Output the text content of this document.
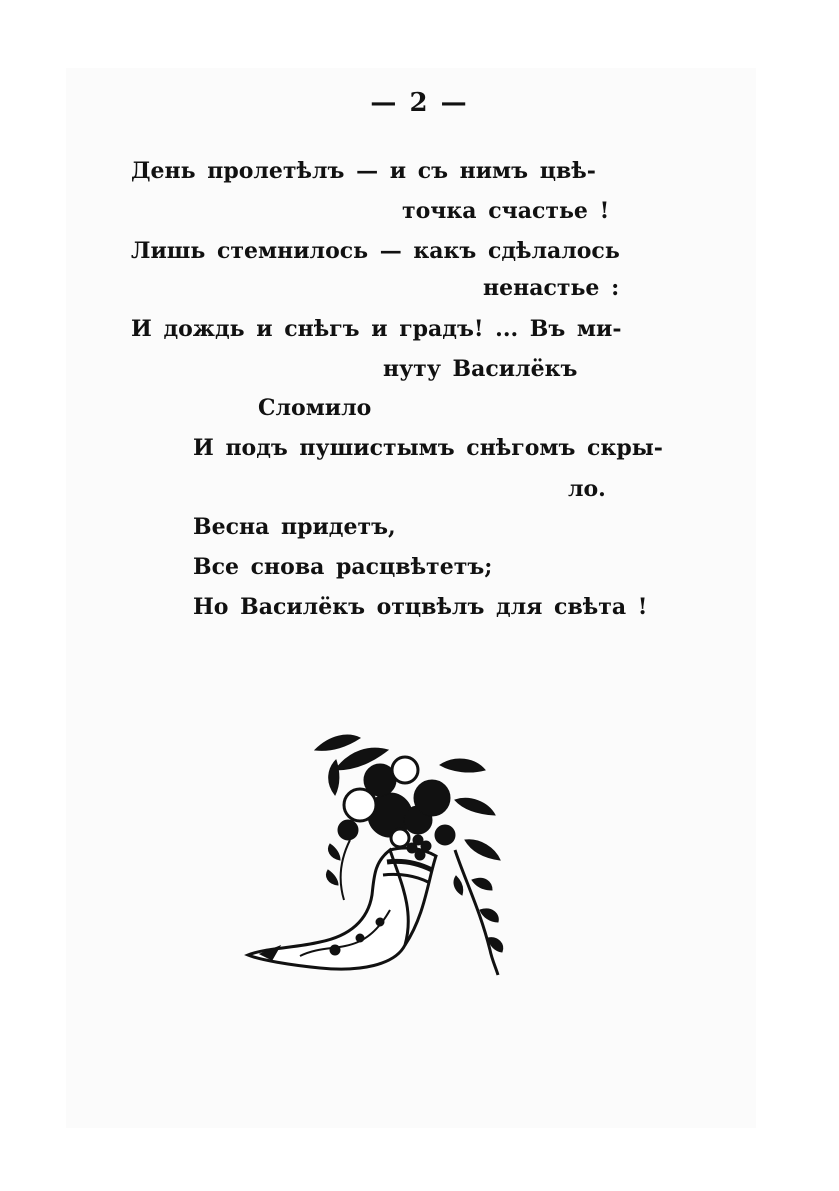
— 2 —
День пролетѣлъ — и съ нимъ цвѣ-
точка счастье !
Лишь стемнилось — какъ сдѣлалось
ненастье :
И дождь и снѣгъ и градъ! ... Въ ми-
нуту Василёкъ
Сломило
И подъ пушистымъ снѣгомъ скры-
ло.
Весна придетъ,
Все снова расцвѣтетъ;
Но Василёкъ отцвѣлъ для свѣта !
